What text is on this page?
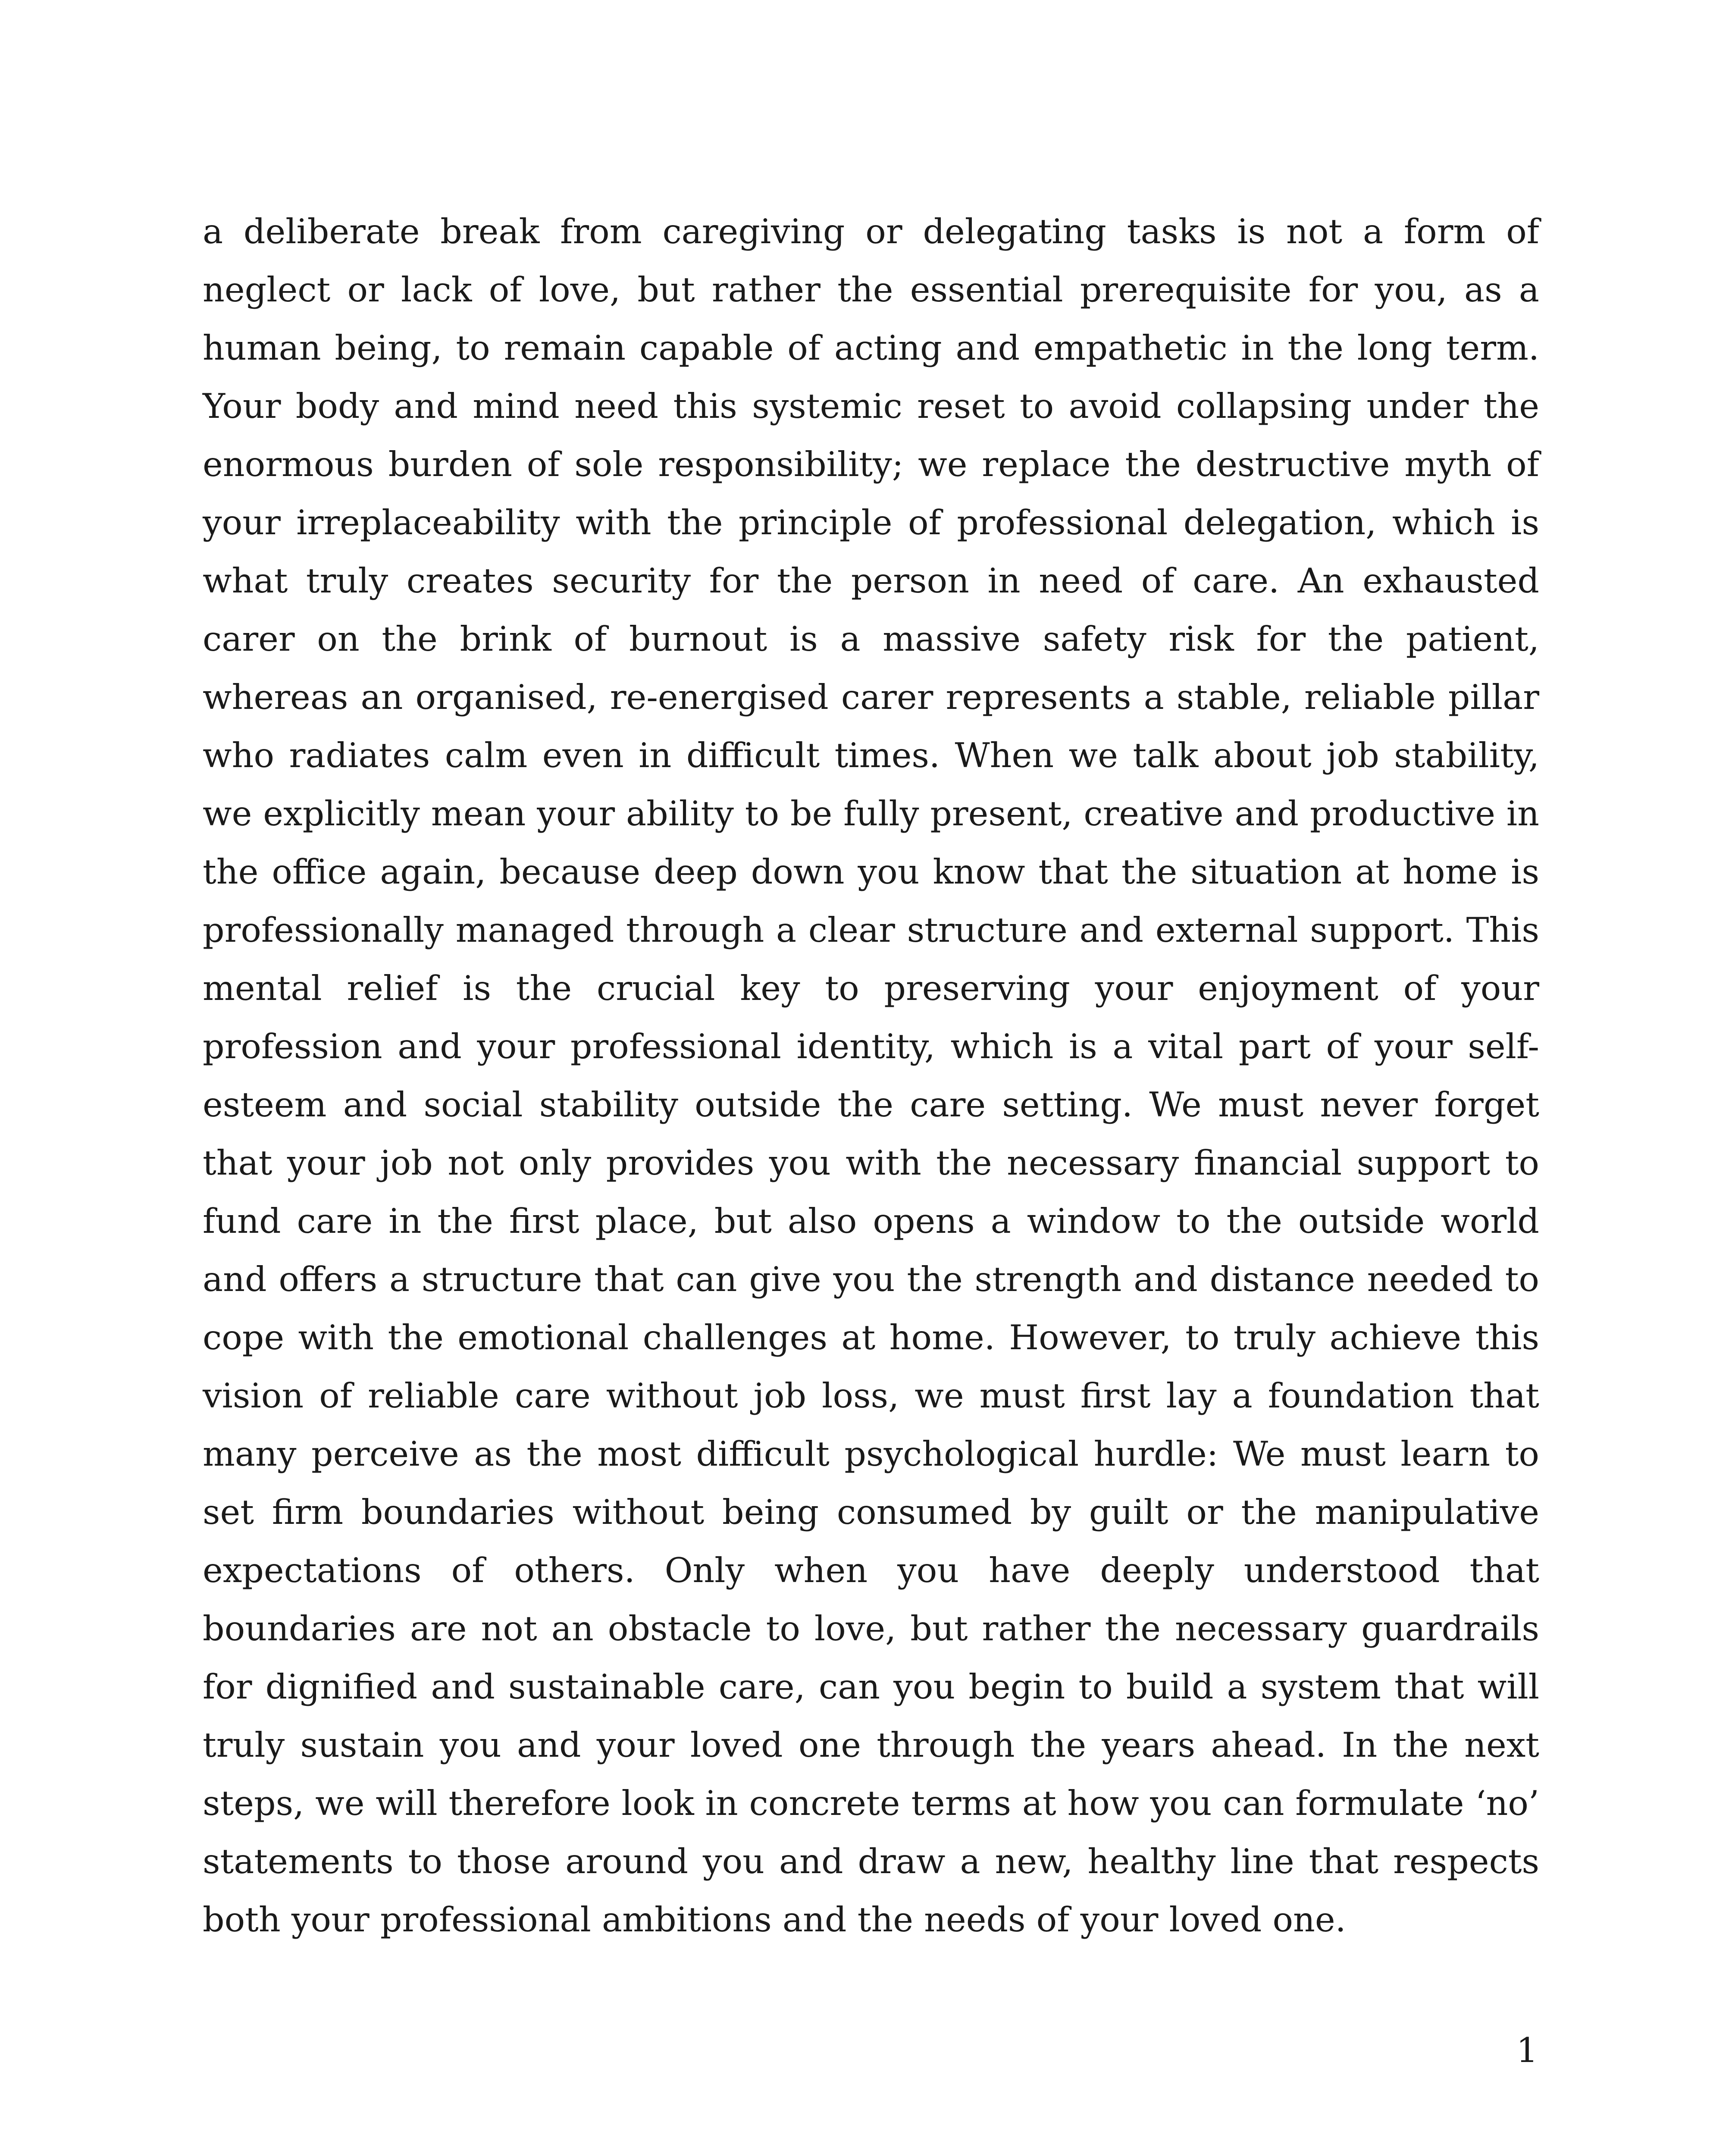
a deliberate break from caregiving or delegating tasks is not a form of neglect or lack of love, but rather the essential prerequisite for you, as a human being, to remain capable of acting and empathetic in the long term. Your body and mind need this systemic reset to avoid collapsing under the enormous burden of sole responsibility; we replace the destructive myth of your irreplaceability with the principle of professional delegation, which is what truly creates security for the person in need of care. An exhausted carer on the brink of burnout is a massive safety risk for the patient, whereas an organised, re-energised carer represents a stable, reliable pillar who radiates calm even in difficult times. When we talk about job stability, we explicitly mean your ability to be fully present, creative and productive in the office again, because deep down you know that the situation at home is professionally managed through a clear structure and external support. This mental relief is the crucial key to preserving your enjoyment of your profession and your professional identity, which is a vital part of your self-esteem and social stability outside the care setting. We must never forget that your job not only provides you with the necessary financial support to fund care in the first place, but also opens a window to the outside world and offers a structure that can give you the strength and distance needed to cope with the emotional challenges at home. However, to truly achieve this vision of reliable care without job loss, we must first lay a foundation that many perceive as the most difficult psychological hurdle: We must learn to set firm boundaries without being consumed by guilt or the manipulative expectations of others. Only when you have deeply understood that boundaries are not an obstacle to love, but rather the necessary guardrails for dignified and sustainable care, can you begin to build a system that will truly sustain you and your loved one through the years ahead. In the next steps, we will therefore look in concrete terms at how you can formulate ‘no’ statements to those around you and draw a new, healthy line that respects both your professional ambitions and the needs of your loved one.

1
